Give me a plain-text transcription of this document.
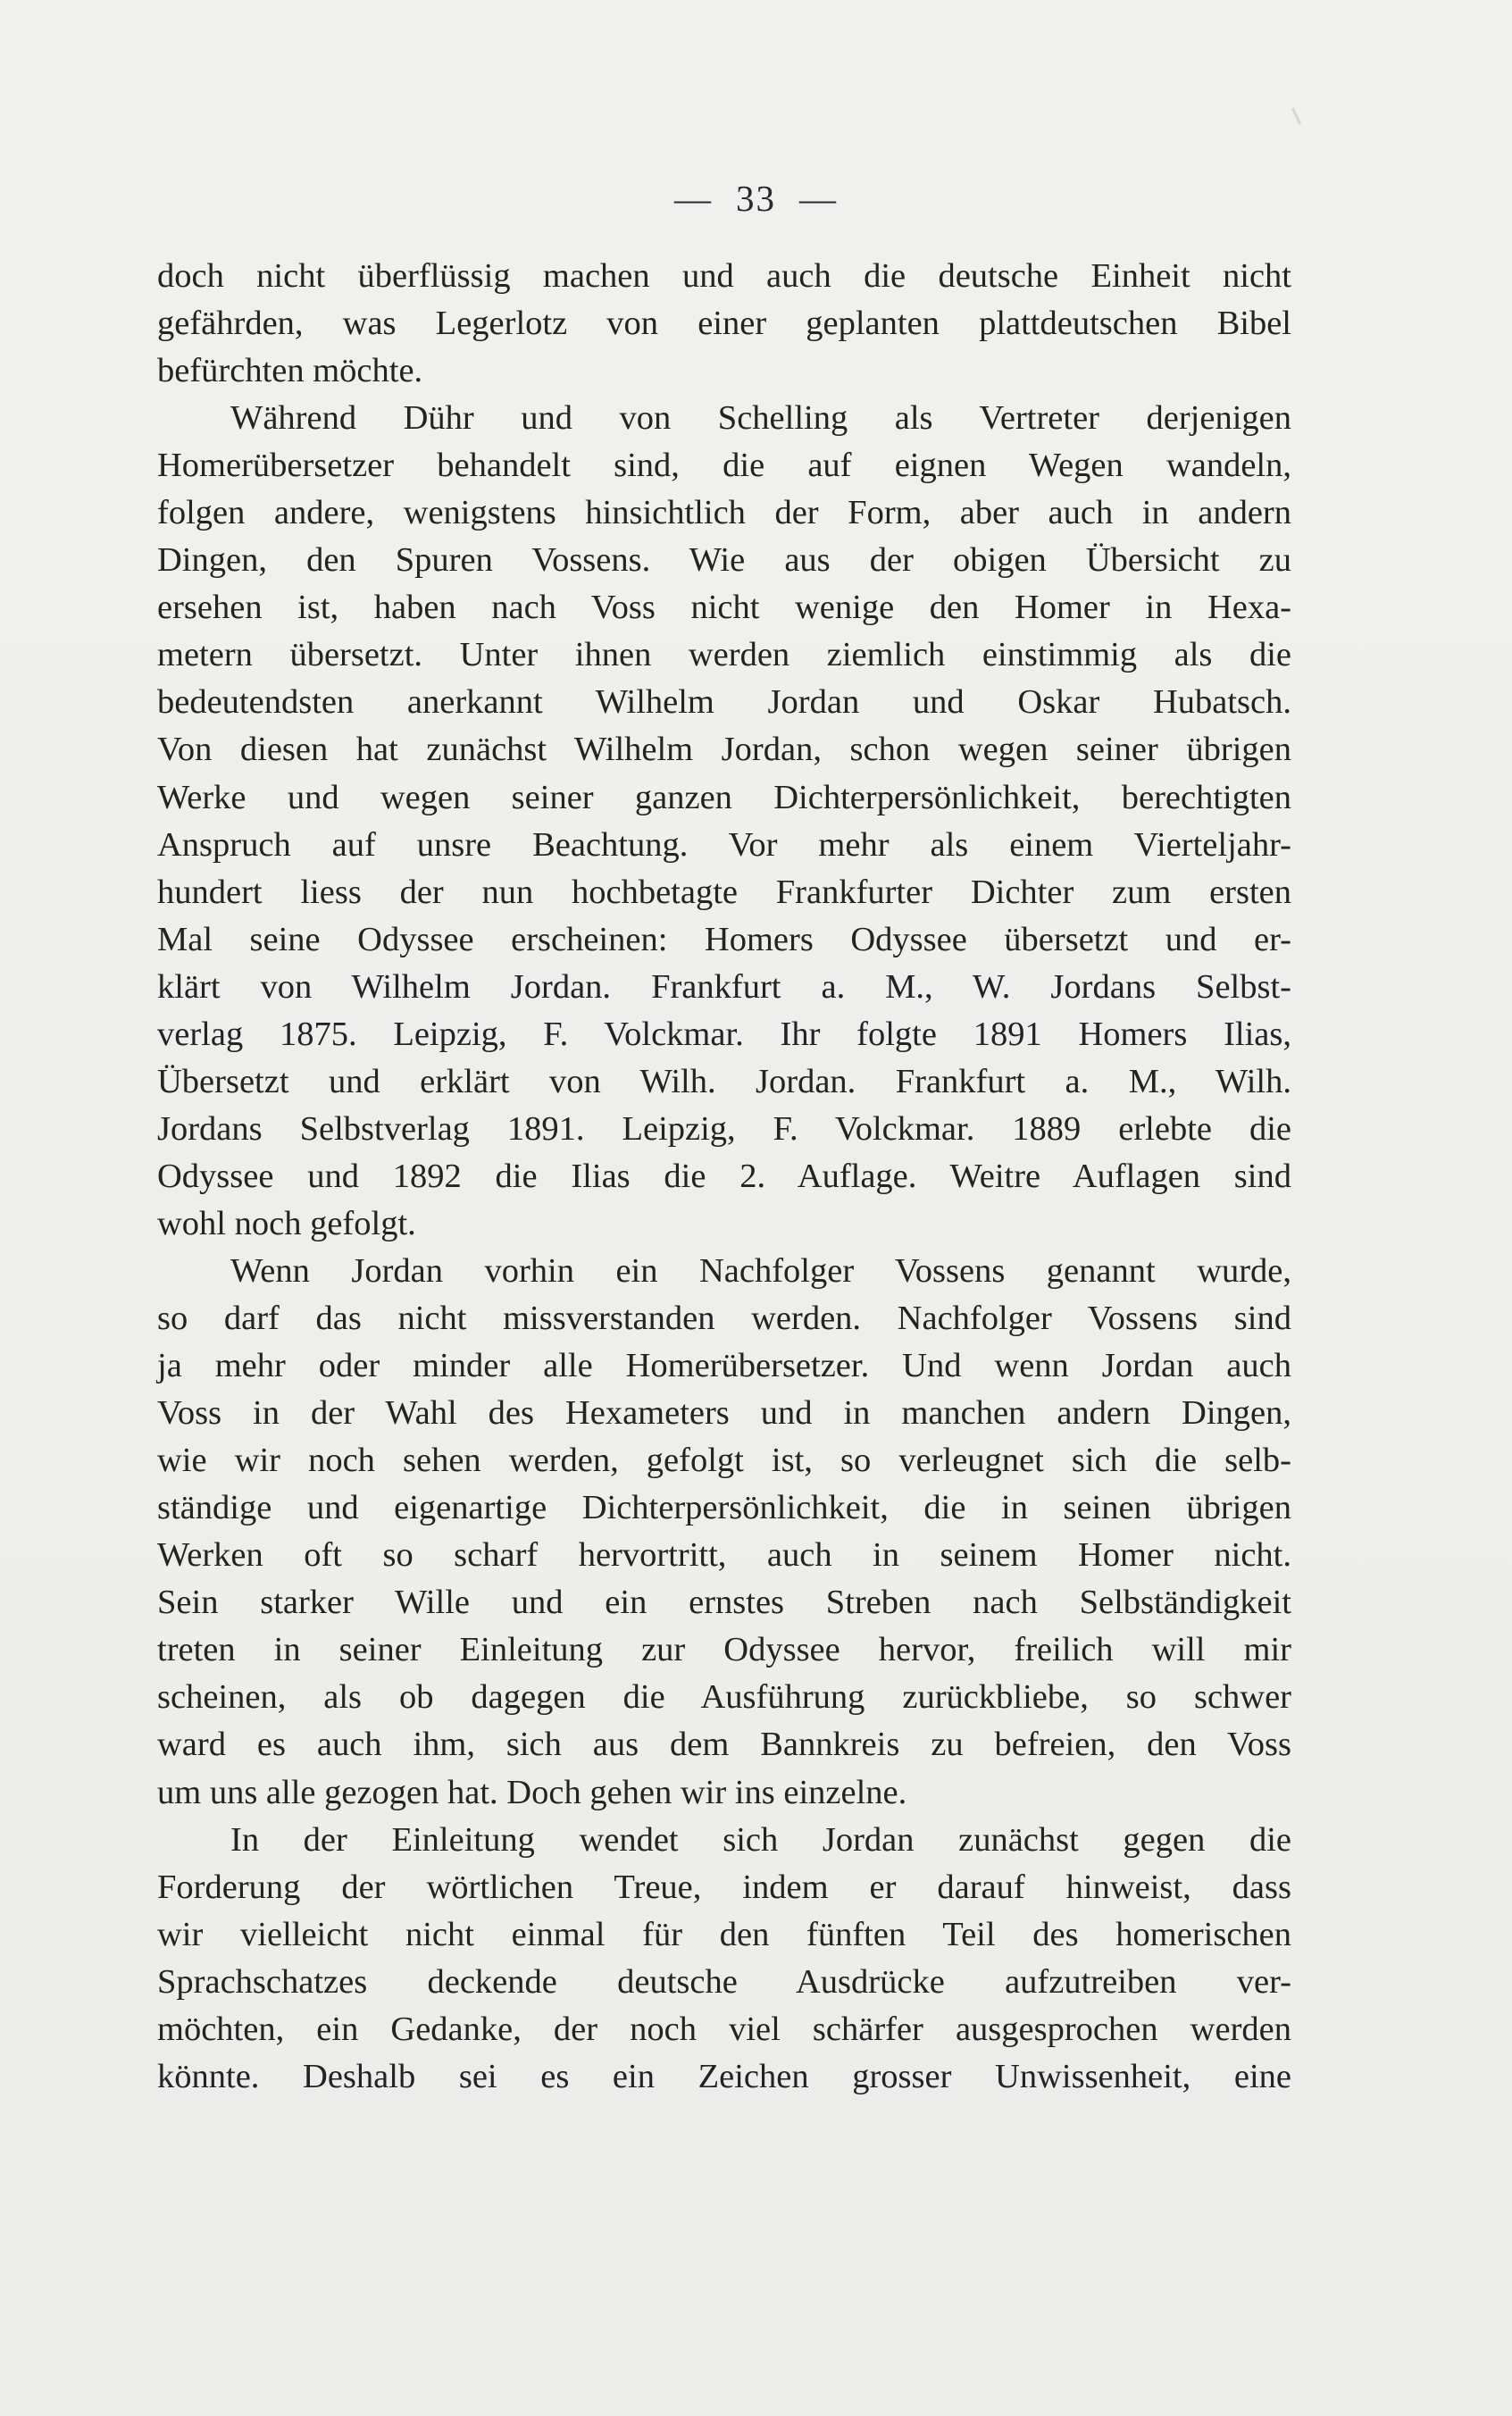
— 33 —
doch nicht überflüssig machen und auch die deutsche Einheit nicht
gefährden, was Legerlotz von einer geplanten plattdeutschen Bibel
befürchten möchte.
Während Dühr und von Schelling als Vertreter derjenigen
Homerübersetzer behandelt sind, die auf eignen Wegen wandeln,
folgen andere, wenigstens hinsichtlich der Form, aber auch in andern
Dingen, den Spuren Vossens. Wie aus der obigen Übersicht zu
ersehen ist, haben nach Voss nicht wenige den Homer in Hexa-
metern übersetzt. Unter ihnen werden ziemlich einstimmig als die
bedeutendsten anerkannt Wilhelm Jordan und Oskar Hubatsch.
Von diesen hat zunächst Wilhelm Jordan, schon wegen seiner übrigen
Werke und wegen seiner ganzen Dichterpersönlichkeit, berechtigten
Anspruch auf unsre Beachtung. Vor mehr als einem Vierteljahr-
hundert liess der nun hochbetagte Frankfurter Dichter zum ersten
Mal seine Odyssee erscheinen: Homers Odyssee übersetzt und er-
klärt von Wilhelm Jordan. Frankfurt a. M., W. Jordans Selbst-
verlag 1875. Leipzig, F. Volckmar. Ihr folgte 1891 Homers Ilias,
Übersetzt und erklärt von Wilh. Jordan. Frankfurt a. M., Wilh.
Jordans Selbstverlag 1891. Leipzig, F. Volckmar. 1889 erlebte die
Odyssee und 1892 die Ilias die 2. Auflage. Weitre Auflagen sind
wohl noch gefolgt.
Wenn Jordan vorhin ein Nachfolger Vossens genannt wurde,
so darf das nicht missverstanden werden. Nachfolger Vossens sind
ja mehr oder minder alle Homerübersetzer. Und wenn Jordan auch
Voss in der Wahl des Hexameters und in manchen andern Dingen,
wie wir noch sehen werden, gefolgt ist, so verleugnet sich die selb-
ständige und eigenartige Dichterpersönlichkeit, die in seinen übrigen
Werken oft so scharf hervortritt, auch in seinem Homer nicht.
Sein starker Wille und ein ernstes Streben nach Selbständigkeit
treten in seiner Einleitung zur Odyssee hervor, freilich will mir
scheinen, als ob dagegen die Ausführung zurückbliebe, so schwer
ward es auch ihm, sich aus dem Bannkreis zu befreien, den Voss
um uns alle gezogen hat. Doch gehen wir ins einzelne.
In der Einleitung wendet sich Jordan zunächst gegen die
Forderung der wörtlichen Treue, indem er darauf hinweist, dass
wir vielleicht nicht einmal für den fünften Teil des homerischen
Sprachschatzes deckende deutsche Ausdrücke aufzutreiben ver-
möchten, ein Gedanke, der noch viel schärfer ausgesprochen werden
könnte. Deshalb sei es ein Zeichen grosser Unwissenheit, eine
